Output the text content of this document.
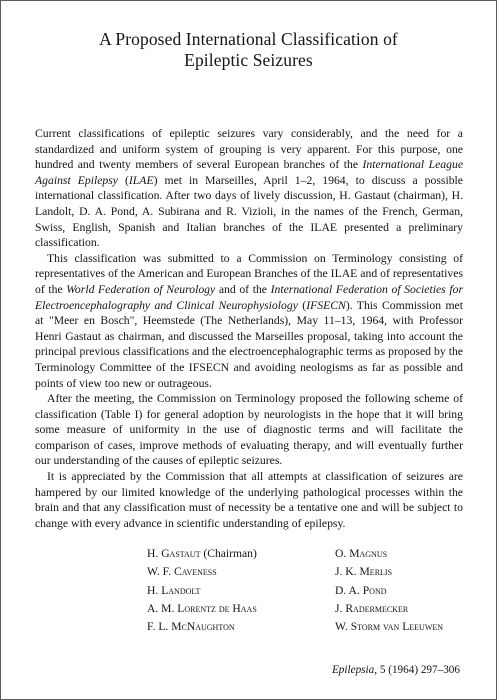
A Proposed International Classification of
Epileptic Seizures

Current classifications of epileptic seizures vary considerably, and the need for a standardized and uniform system of grouping is very apparent. For this purpose, one hundred and twenty members of several European branches of the International League Against Epilepsy (ILAE) met in Marseilles, April 1–2, 1964, to discuss a possible international classification. After two days of lively discussion, H. Gastaut (chairman), H. Landolt, D. A. Pond, A. Subirana and R. Vizioli, in the names of the French, German, Swiss, English, Spanish and Italian branches of the ILAE presented a preliminary classification.

This classification was submitted to a Commission on Terminology consisting of representatives of the American and European Branches of the ILAE and of representatives of the World Federation of Neurology and of the International Federation of Societies for Electroencephalography and Clinical Neurophysiology (IFSECN). This Commission met at "Meer en Bosch", Heemstede (The Netherlands), May 11–13, 1964, with Professor Henri Gastaut as chairman, and discussed the Marseilles proposal, taking into account the principal previous classifications and the electroencephalographic terms as proposed by the Terminology Committee of the IFSECN and avoiding neologisms as far as possible and points of view too new or outrageous.

After the meeting, the Commission on Terminology proposed the following scheme of classification (Table I) for general adoption by neurologists in the hope that it will bring some measure of uniformity in the use of diagnostic terms and will facilitate the comparison of cases, improve methods of evaluating therapy, and will eventually further our understanding of the causes of epileptic seizures.

It is appreciated by the Commission that all attempts at classification of seizures are hampered by our limited knowledge of the underlying pathological processes within the brain and that any classification must of necessity be a tentative one and will be subject to change with every advance in scientific understanding of epilepsy.

H. Gastaut (Chairman)
W. F. Caveness
H. Landolt
A. M. Lorentz de Haas
F. L. McNaughton
O. Magnus
J. K. Merlis
D. A. Pond
J. Radermecker
W. Storm van Leeuwen
Epilepsia, 5 (1964) 297–306
